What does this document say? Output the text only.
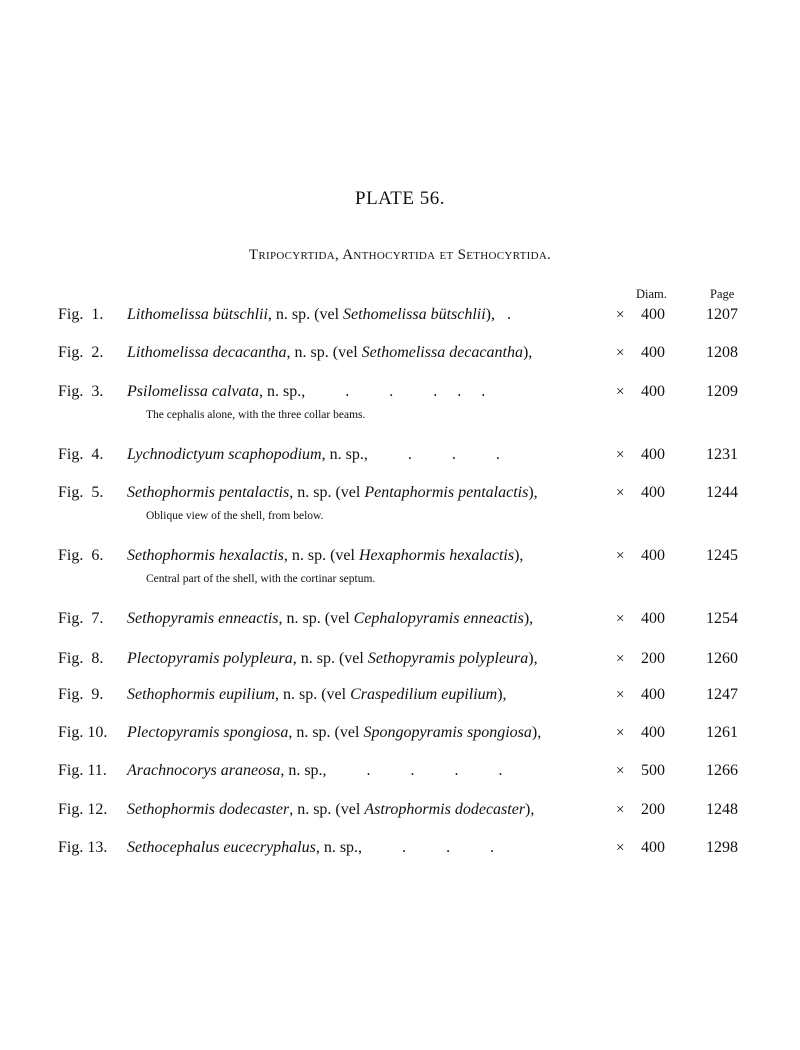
PLATE 56.
Tripocyrtida, Anthocyrtida et Sethocyrtida.
Diam.	Page
Fig.  1. Lithomelissa bütschlii, n. sp. (vel Sethomelissa bütschlii),   .	× 400	1207
Fig.  2. Lithomelissa decacantha, n. sp. (vel Sethomelissa decacantha),	× 400	1208
Fig.  3. Psilomelissa calvata, n. sp.,          .          .          .     .     .	× 400	1209
The cephalis alone, with the three collar beams.
Fig.  4. Lychnodictyum scaphopodium, n. sp.,          .          .          .	× 400	1231
Fig.  5. Sethophormis pentalactis, n. sp. (vel Pentaphormis pentalactis),	× 400	1244
Oblique view of the shell, from below.
Fig.  6. Sethophormis hexalactis, n. sp. (vel Hexaphormis hexalactis),	× 400	1245
Central part of the shell, with the cortinar septum.
Fig.  7. Sethopyramis enneactis, n. sp. (vel Cephalopyramis enneactis),	× 400	1254
Fig.  8. Plectopyramis polypleura, n. sp. (vel Sethopyramis polypleura),	× 200	1260
Fig.  9. Sethophormis eupilium, n. sp. (vel Craspedilium eupilium),	× 400	1247
Fig. 10. Plectopyramis spongiosa, n. sp. (vel Spongopyramis spongiosa),	× 400	1261
Fig. 11. Arachnocorys araneosa, n. sp.,          .          .          .          .	× 500	1266
Fig. 12. Sethophormis dodecaster, n. sp. (vel Astrophormis dodecaster),	× 200	1248
Fig. 13. Sethocephalus eucecryphalus, n. sp.,          .          .          .	× 400	1298
